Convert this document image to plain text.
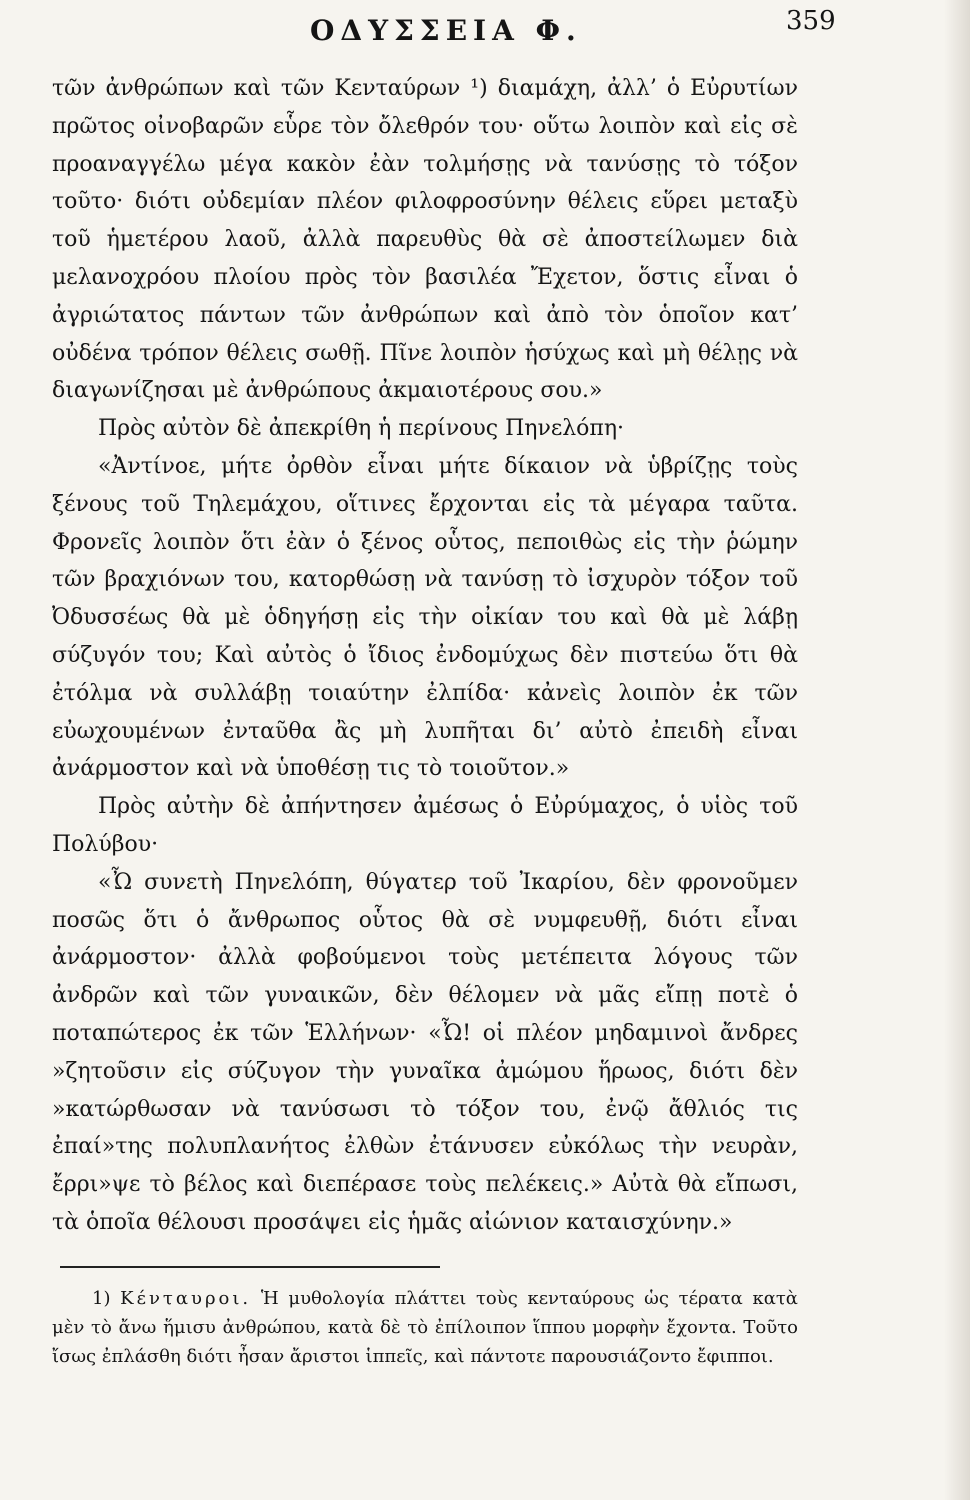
ΟΔΥΣΣΕΙΑ Φ.	359

τῶν ἀνθρώπων καὶ τῶν Κενταύρων ¹) διαμάχη, ἀλλ’ ὁ Εὐρυτίων πρῶτος οἰνοβαρῶν εὗρε τὸν ὄλεθρόν του· οὕτω λοιπὸν καὶ εἰς σὲ προαναγγέλω μέγα κακὸν ἐὰν τολμήσῃς νὰ τανύσῃς τὸ τόξον τοῦτο· διότι οὐδεμίαν πλέον φιλοφροσύνην θέλεις εὕρει μεταξὺ τοῦ ἡμετέρου λαοῦ, ἀλλὰ παρευθὺς θὰ σὲ ἀποστείλωμεν διὰ μελανοχρόου πλοίου πρὸς τὸν βασιλέα Ἔχετον, ὅστις εἶναι ὁ ἀγριώτατος πάντων τῶν ἀνθρώπων καὶ ἀπὸ τὸν ὁποῖον κατ’ οὐδένα τρόπον θέλεις σωθῇ. Πῖνε λοιπὸν ἡσύχως καὶ μὴ θέλῃς νὰ διαγωνίζησαι μὲ ἀνθρώπους ἀκμαιοτέρους σου.»

Πρὸς αὐτὸν δὲ ἀπεκρίθη ἡ περίνους Πηνελόπη·

«Ἀντίνοε, μήτε ὀρθὸν εἶναι μήτε δίκαιον νὰ ὑβρίζῃς τοὺς ξένους τοῦ Τηλεμάχου, οἵτινες ἔρχονται εἰς τὰ μέγαρα ταῦτα. Φρονεῖς λοιπὸν ὅτι ἐὰν ὁ ξένος οὗτος, πεποιθὼς εἰς τὴν ῥώμην τῶν βραχιόνων του, κατορθώσῃ νὰ τανύσῃ τὸ ἰσχυρὸν τόξον τοῦ Ὀδυσσέως θὰ μὲ ὁδηγήσῃ εἰς τὴν οἰκίαν του καὶ θὰ μὲ λάβῃ σύζυγόν του; Καὶ αὐτὸς ὁ ἴδιος ἐνδομύχως δὲν πιστεύω ὅτι θὰ ἐτόλμα νὰ συλλάβῃ τοιαύτην ἐλπίδα· κἀνεὶς λοιπὸν ἐκ τῶν εὐωχουμένων ἐνταῦθα ἂς μὴ λυπῆται δι’ αὐτὸ ἐπειδὴ εἶναι ἀνάρμοστον καὶ νὰ ὑποθέσῃ τις τὸ τοιοῦτον.»

Πρὸς αὐτὴν δὲ ἀπήντησεν ἀμέσως ὁ Εὐρύμαχος, ὁ υἱὸς τοῦ Πολύβου·

«Ὦ συνετὴ Πηνελόπη, θύγατερ τοῦ Ἰκαρίου, δὲν φρονοῦμεν ποσῶς ὅτι ὁ ἄνθρωπος οὗτος θὰ σὲ νυμφευθῇ, διότι εἶναι ἀνάρμοστον· ἀλλὰ φοβούμενοι τοὺς μετέπειτα λόγους τῶν ἀνδρῶν καὶ τῶν γυναικῶν, δὲν θέλομεν νὰ μᾶς εἴπῃ ποτὲ ὁ ποταπώτερος ἐκ τῶν Ἑλλήνων· «Ὦ! οἱ πλέον μηδαμινοὶ ἄνδρες »ζητοῦσιν εἰς σύζυγον τὴν γυναῖκα ἀμώμου ἥρωος, διότι δὲν »κατώρθωσαν νὰ τανύσωσι τὸ τόξον του, ἐνῷ ἄθλιός τις ἐπαί»της πολυπλανήτος ἐλθὼν ἐτάνυσεν εὐκόλως τὴν νευρὰν, ἔρρι»ψε τὸ βέλος καὶ διεπέρασε τοὺς πελέκεις.» Αὐτὰ θὰ εἴπωσι, τὰ ὁποῖα θέλουσι προσάψει εἰς ἡμᾶς αἰώνιον καταισχύνην.»

1) Κένταυροι. Ἡ μυθολογία πλάττει τοὺς κενταύρους ὡς τέρατα κατὰ μὲν τὸ ἄνω ἥμισυ ἀνθρώπου, κατὰ δὲ τὸ ἐπίλοιπον ἵππου μορφὴν ἔχοντα. Τοῦτο ἴσως ἐπλάσθη διότι ἦσαν ἄριστοι ἱππεῖς, καὶ πάντοτε παρουσιάζοντο ἔφιπποι.
